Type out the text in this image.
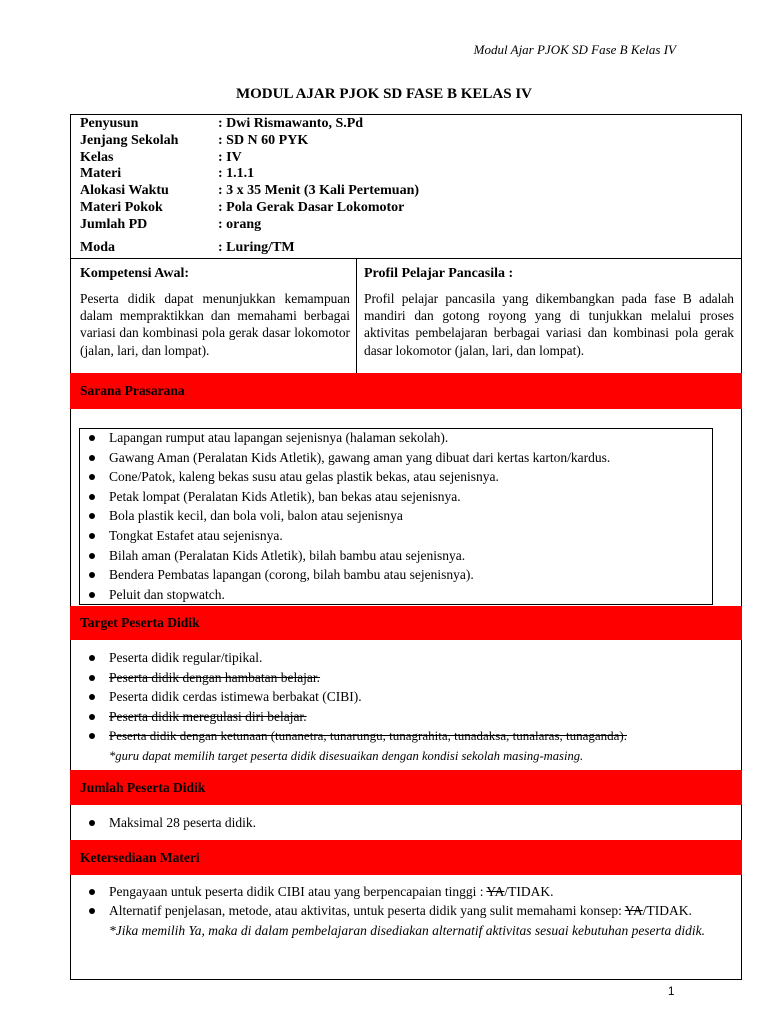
Modul Ajar PJOK SD Fase B Kelas IV
MODUL AJAR PJOK SD FASE B KELAS IV
Penyusun	: Dwi Rismawanto, S.Pd
Jenjang Sekolah	: SD N 60 PYK
Kelas	: IV
Materi	: 1.1.1
Alokasi Waktu	: 3 x 35 Menit (3 Kali Pertemuan)
Materi Pokok	: Pola Gerak Dasar Lokomotor
Jumlah PD	: orang
Moda	: Luring/TM
Kompetensi Awal:
Peserta didik dapat menunjukkan kemampuan dalam mempraktikkan dan memahami berbagai variasi dan kombinasi pola gerak dasar lokomotor (jalan, lari, dan lompat).
Profil Pelajar Pancasila :
Profil pelajar pancasila yang dikembangkan pada fase B adalah mandiri dan gotong royong yang di tunjukkan melalui proses aktivitas pembelajaran berbagai variasi dan kombinasi pola gerak dasar lokomotor (jalan, lari, dan lompat).
Sarana Prasarana
Lapangan rumput atau lapangan sejenisnya (halaman sekolah).
Gawang Aman (Peralatan Kids Atletik), gawang aman yang dibuat dari kertas karton/kardus.
Cone/Patok, kaleng bekas susu atau gelas plastik bekas, atau sejenisnya.
Petak lompat (Peralatan Kids Atletik), ban bekas atau sejenisnya.
Bola plastik kecil, dan bola voli, balon atau sejenisnya
Tongkat Estafet atau sejenisnya.
Bilah aman (Peralatan Kids Atletik), bilah bambu atau sejenisnya.
Bendera Pembatas lapangan (corong, bilah bambu atau sejenisnya).
Peluit dan stopwatch.
Target Peserta Didik
Peserta didik regular/tipikal.
Peserta didik dengan hambatan belajar.
Peserta didik cerdas istimewa berbakat (CIBI).
Peserta didik meregulasi diri belajar.
Peserta didik dengan ketunaan (tunanetra, tunarungu, tunagrahita, tunadaksa, tunalaras, tunaganda).
*guru dapat memilih target peserta didik disesuaikan dengan kondisi sekolah masing-masing.
Jumlah Peserta Didik
Maksimal 28 peserta didik.
Ketersediaan Materi
Pengayaan untuk peserta didik CIBI atau yang berpencapaian tinggi : YA/TIDAK.
Alternatif penjelasan, metode, atau aktivitas, untuk peserta didik yang sulit memahami konsep: YA/TIDAK.
*Jika memilih Ya, maka di dalam pembelajaran disediakan alternatif aktivitas sesuai kebutuhan peserta didik.
1
